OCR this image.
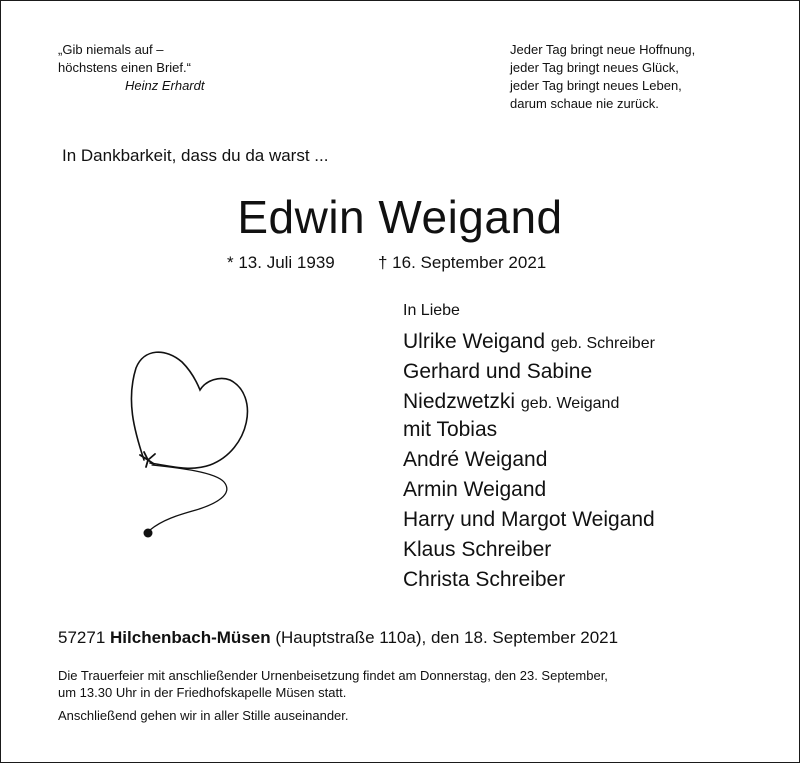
„Gib niemals auf –
höchstens einen Brief.“
Heinz Erhardt
Jeder Tag bringt neue Hoffnung,
jeder Tag bringt neues Glück,
jeder Tag bringt neues Leben,
darum schaue nie zurück.
In Dankbarkeit, dass du da warst ...
Edwin Weigand
* 13. Juli 1939	† 16. September 2021
In Liebe
Ulrike Weigand geb. Schreiber
Gerhard und Sabine
Niedzwetzki geb. Weigand
mit Tobias
André Weigand
Armin Weigand
Harry und Margot Weigand
Klaus Schreiber
Christa Schreiber
57271 Hilchenbach-Müsen (Hauptstraße 110a), den 18. September 2021
Die Trauerfeier mit anschließender Urnenbeisetzung findet am Donnerstag, den 23. September,
um 13.30 Uhr in der Friedhofskapelle Müsen statt.
Anschließend gehen wir in aller Stille auseinander.
